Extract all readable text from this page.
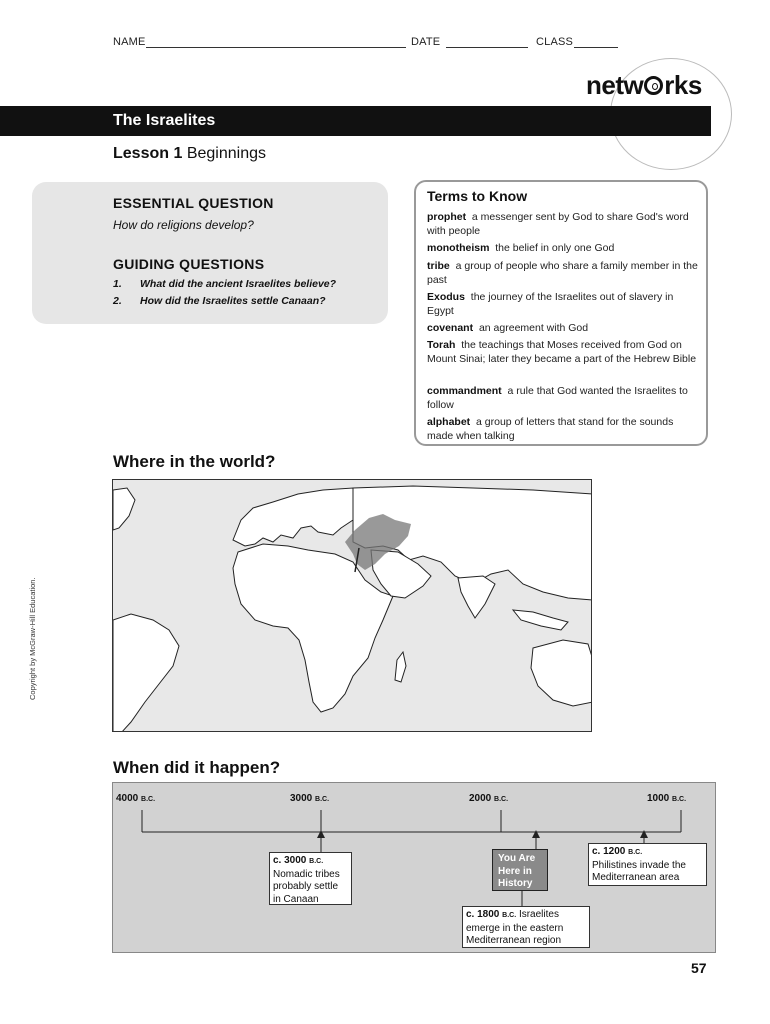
NAME	DATE	CLASS
netw rks
The Israelites
Lesson 1 Beginnings
ESSENTIAL QUESTION
How do religions develop?
GUIDING QUESTIONS
1. What did the ancient Israelites believe?
2. How did the Israelites settle Canaan?
Terms to Know
prophet a messenger sent by God to share God's word with people
monotheism the belief in only one God
tribe a group of people who share a family member in the past
Exodus the journey of the Israelites out of slavery in Egypt
covenant an agreement with God
Torah the teachings that Moses received from God on Mount Sinai; later they became a part of the Hebrew Bible
commandment a rule that God wanted the Israelites to follow
alphabet a group of letters that stand for the sounds made when talking
Where in the world?
Copyright by McGraw-Hill Education.
When did it happen?
4000 B.C.	3000 B.C.	2000 B.C.	1000 B.C.
c. 3000 B.C.
Nomadic tribes probably settle in Canaan
You Are Here in History
c. 1800 B.C. Israelites emerge in the eastern Mediterranean region
c. 1200 B.C.
Philistines invade the Mediterranean area
57
